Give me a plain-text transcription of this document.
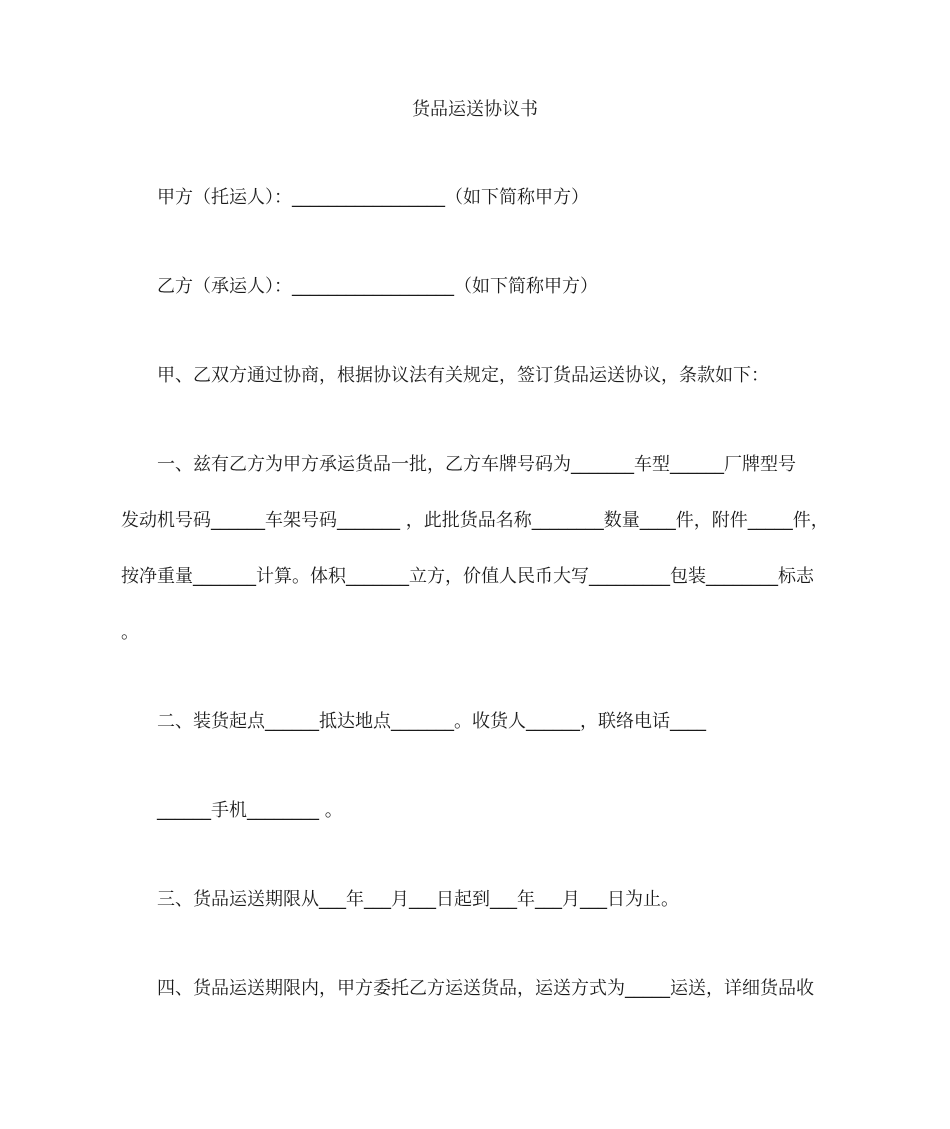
货品运送协议书
甲方（托运人）：_________________（如下简称甲方）
乙方（承运人）：__________________（如下简称甲方）
甲、乙双方通过协商，根据协议法有关规定，签订货品运送协议，条款如下：
一、兹有乙方为甲方承运货品一批，乙方车牌号码为_______车型______厂牌型号
发动机号码______车架号码_______ ，此批货品名称________数量____件，附件_____件，
按净重量_______计算。体积_______立方，价值人民币大写_________包装________标志
。
二、装货起点______抵达地点_______。收货人______，联络电话____
______手机________ 。
三、货品运送期限从___年___月___日起到___年___月___日为止。
四、货品运送期限内，甲方委托乙方运送货品，运送方式为_____运送，详细货品收
